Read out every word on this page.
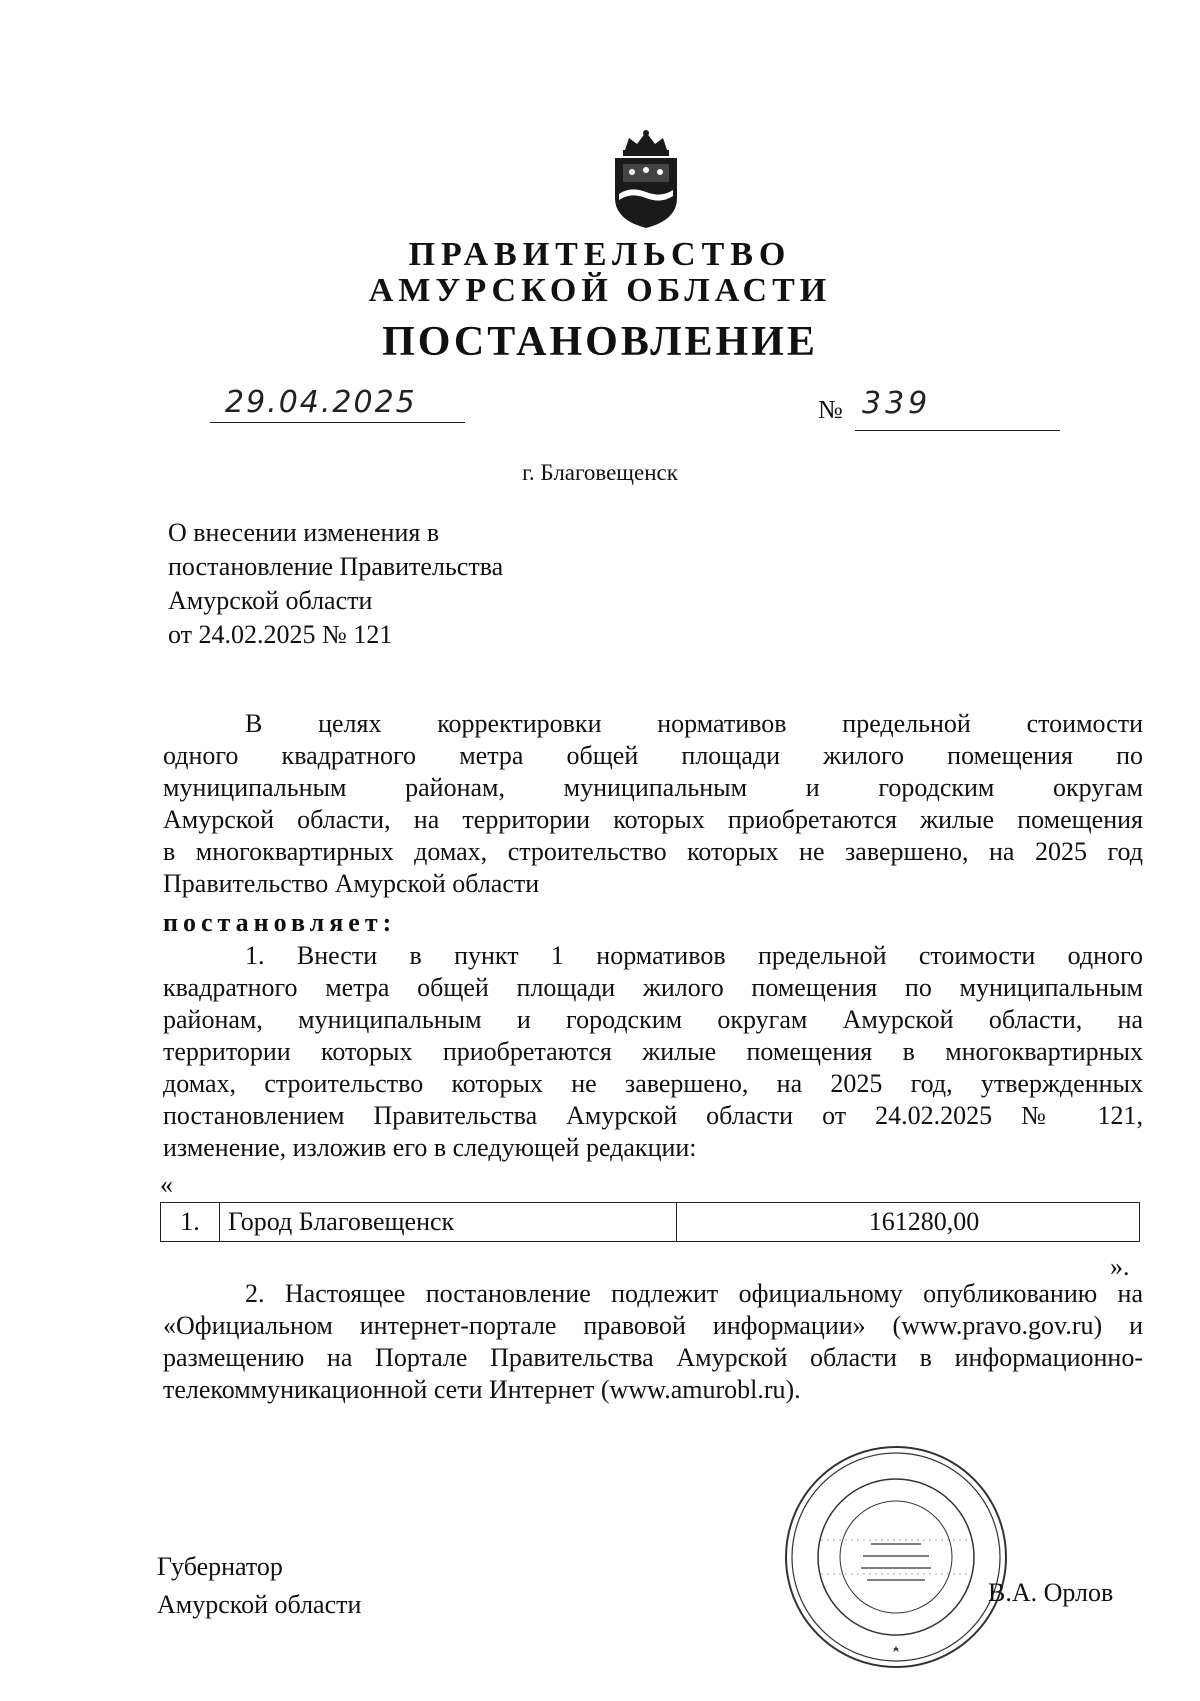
ПРАВИТЕЛЬСТВО
АМУРСКОЙ ОБЛАСТИ
ПОСТАНОВЛЕНИЕ
29.04.2025	№ 339
г. Благовещенск
О внесении изменения в
постановление Правительства
Амурской области
от 24.02.2025 № 121
В целях корректировки нормативов предельной стоимости
одного квадратного метра общей площади жилого помещения по
муниципальным районам, муниципальным и городским округам
Амурской области, на территории которых приобретаются жилые помещения
в многоквартирных домах, строительство которых не завершено, на 2025 год
Правительство Амурской области
постановляет:
1. Внести в пункт 1 нормативов предельной стоимости одного
квадратного метра общей площади жилого помещения по муниципальным
районам, муниципальным и городским округам Амурской области, на
территории которых приобретаются жилые помещения в многоквартирных
домах, строительство которых не завершено, на 2025 год, утвержденных
постановлением Правительства Амурской области от 24.02.2025 № 121,
изменение, изложив его в следующей редакции:
«
1.	Город Благовещенск	161280,00
».
2. Настоящее постановление подлежит официальному опубликованию на
«Официальном интернет-портале правовой информации» (www.pravo.gov.ru) и
размещению на Портале Правительства Амурской области в информационно-
телекоммуникационной сети Интернет (www.amurobl.ru).
Губернатор
Амурской области	В.А. Орлов
